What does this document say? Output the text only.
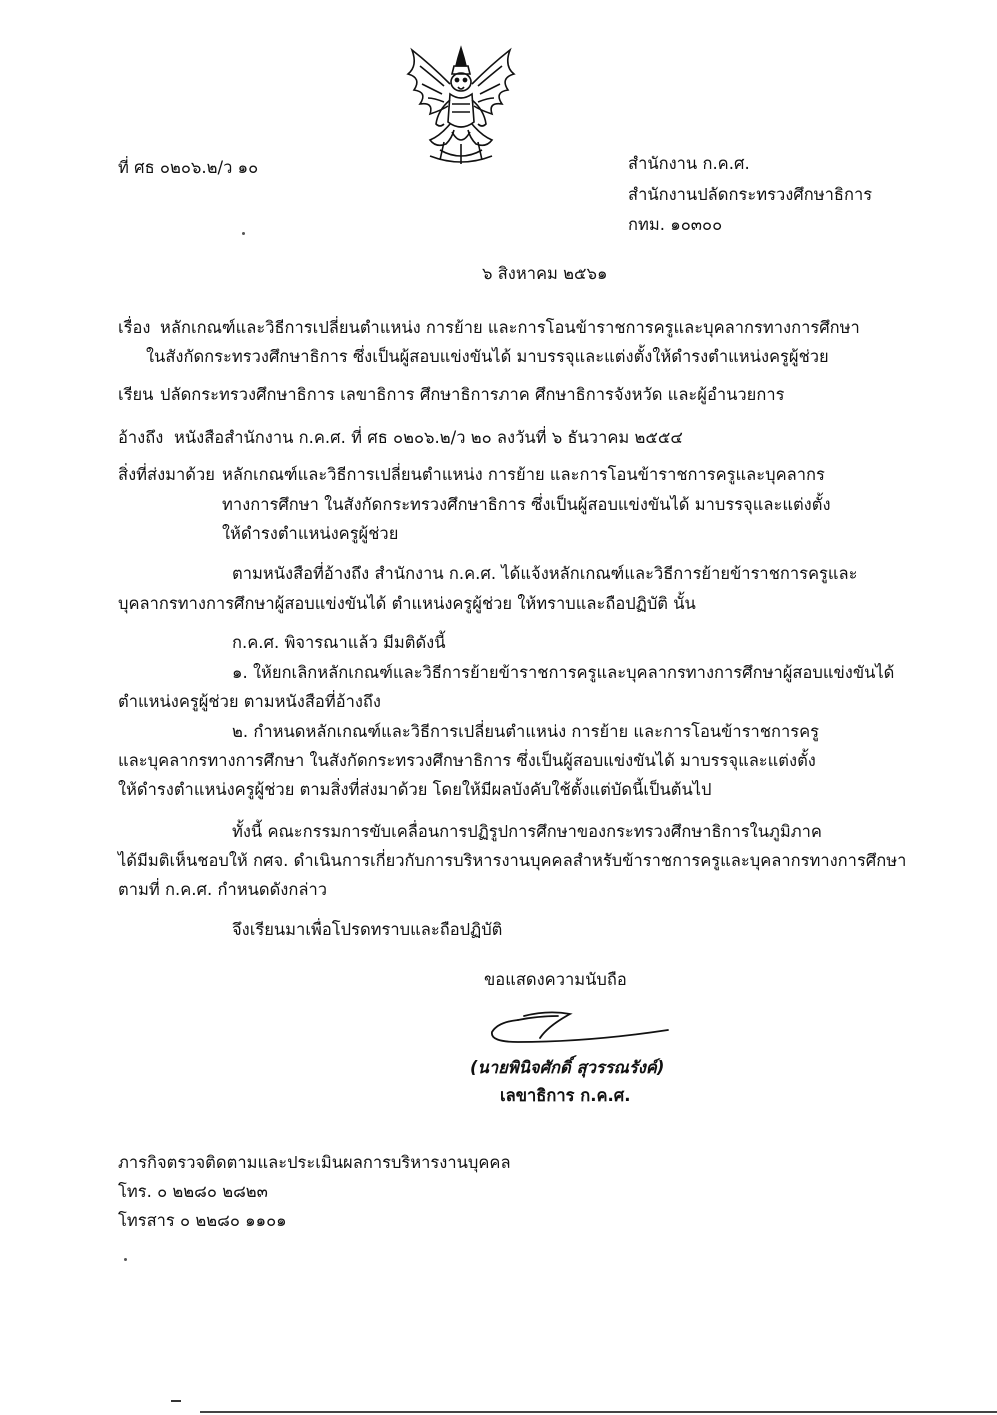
ที่ ศธ ๐๒๐๖.๒/ว ๑๐	สำนักงาน ก.ค.ศ.
สำนักงานปลัดกระทรวงศึกษาธิการ
กทม. ๑๐๓๐๐
๖ สิงหาคม ๒๕๖๑
เรื่อง หลักเกณฑ์และวิธีการเปลี่ยนตำแหน่ง การย้าย และการโอนข้าราชการครูและบุคลากรทางการศึกษา
ในสังกัดกระทรวงศึกษาธิการ ซึ่งเป็นผู้สอบแข่งขันได้ มาบรรจุและแต่งตั้งให้ดำรงตำแหน่งครูผู้ช่วย
เรียน ปลัดกระทรวงศึกษาธิการ เลขาธิการ ศึกษาธิการภาค ศึกษาธิการจังหวัด และผู้อำนวยการ
อ้างถึง หนังสือสำนักงาน ก.ค.ศ. ที่ ศธ ๐๒๐๖.๒/ว ๒๐ ลงวันที่ ๖ ธันวาคม ๒๕๕๔
สิ่งที่ส่งมาด้วย หลักเกณฑ์และวิธีการเปลี่ยนตำแหน่ง การย้าย และการโอนข้าราชการครูและบุคลากร
ทางการศึกษา ในสังกัดกระทรวงศึกษาธิการ ซึ่งเป็นผู้สอบแข่งขันได้ มาบรรจุและแต่งตั้ง
ให้ดำรงตำแหน่งครูผู้ช่วย
ตามหนังสือที่อ้างถึง สำนักงาน ก.ค.ศ. ได้แจ้งหลักเกณฑ์และวิธีการย้ายข้าราชการครูและ
บุคลากรทางการศึกษาผู้สอบแข่งขันได้ ตำแหน่งครูผู้ช่วย ให้ทราบและถือปฏิบัติ นั้น
ก.ค.ศ. พิจารณาแล้ว มีมติดังนี้
๑. ให้ยกเลิกหลักเกณฑ์และวิธีการย้ายข้าราชการครูและบุคลากรทางการศึกษาผู้สอบแข่งขันได้
ตำแหน่งครูผู้ช่วย ตามหนังสือที่อ้างถึง
๒. กำหนดหลักเกณฑ์และวิธีการเปลี่ยนตำแหน่ง การย้าย และการโอนข้าราชการครู
และบุคลากรทางการศึกษา ในสังกัดกระทรวงศึกษาธิการ ซึ่งเป็นผู้สอบแข่งขันได้ มาบรรจุและแต่งตั้ง
ให้ดำรงตำแหน่งครูผู้ช่วย ตามสิ่งที่ส่งมาด้วย โดยให้มีผลบังคับใช้ตั้งแต่บัดนี้เป็นต้นไป
ทั้งนี้ คณะกรรมการขับเคลื่อนการปฏิรูปการศึกษาของกระทรวงศึกษาธิการในภูมิภาค
ได้มีมติเห็นชอบให้ กศจ. ดำเนินการเกี่ยวกับการบริหารงานบุคคลสำหรับข้าราชการครูและบุคลากรทางการศึกษา
ตามที่ ก.ค.ศ. กำหนดดังกล่าว
จึงเรียนมาเพื่อโปรดทราบและถือปฏิบัติ
ขอแสดงความนับถือ
(นายพินิจศักดิ์ สุวรรณรังค์)
เลขาธิการ ก.ค.ศ.
ภารกิจตรวจติดตามและประเมินผลการบริหารงานบุคคล
โทร. ๐ ๒๒๘๐ ๒๘๒๓
โทรสาร ๐ ๒๒๘๐ ๑๑๐๑
